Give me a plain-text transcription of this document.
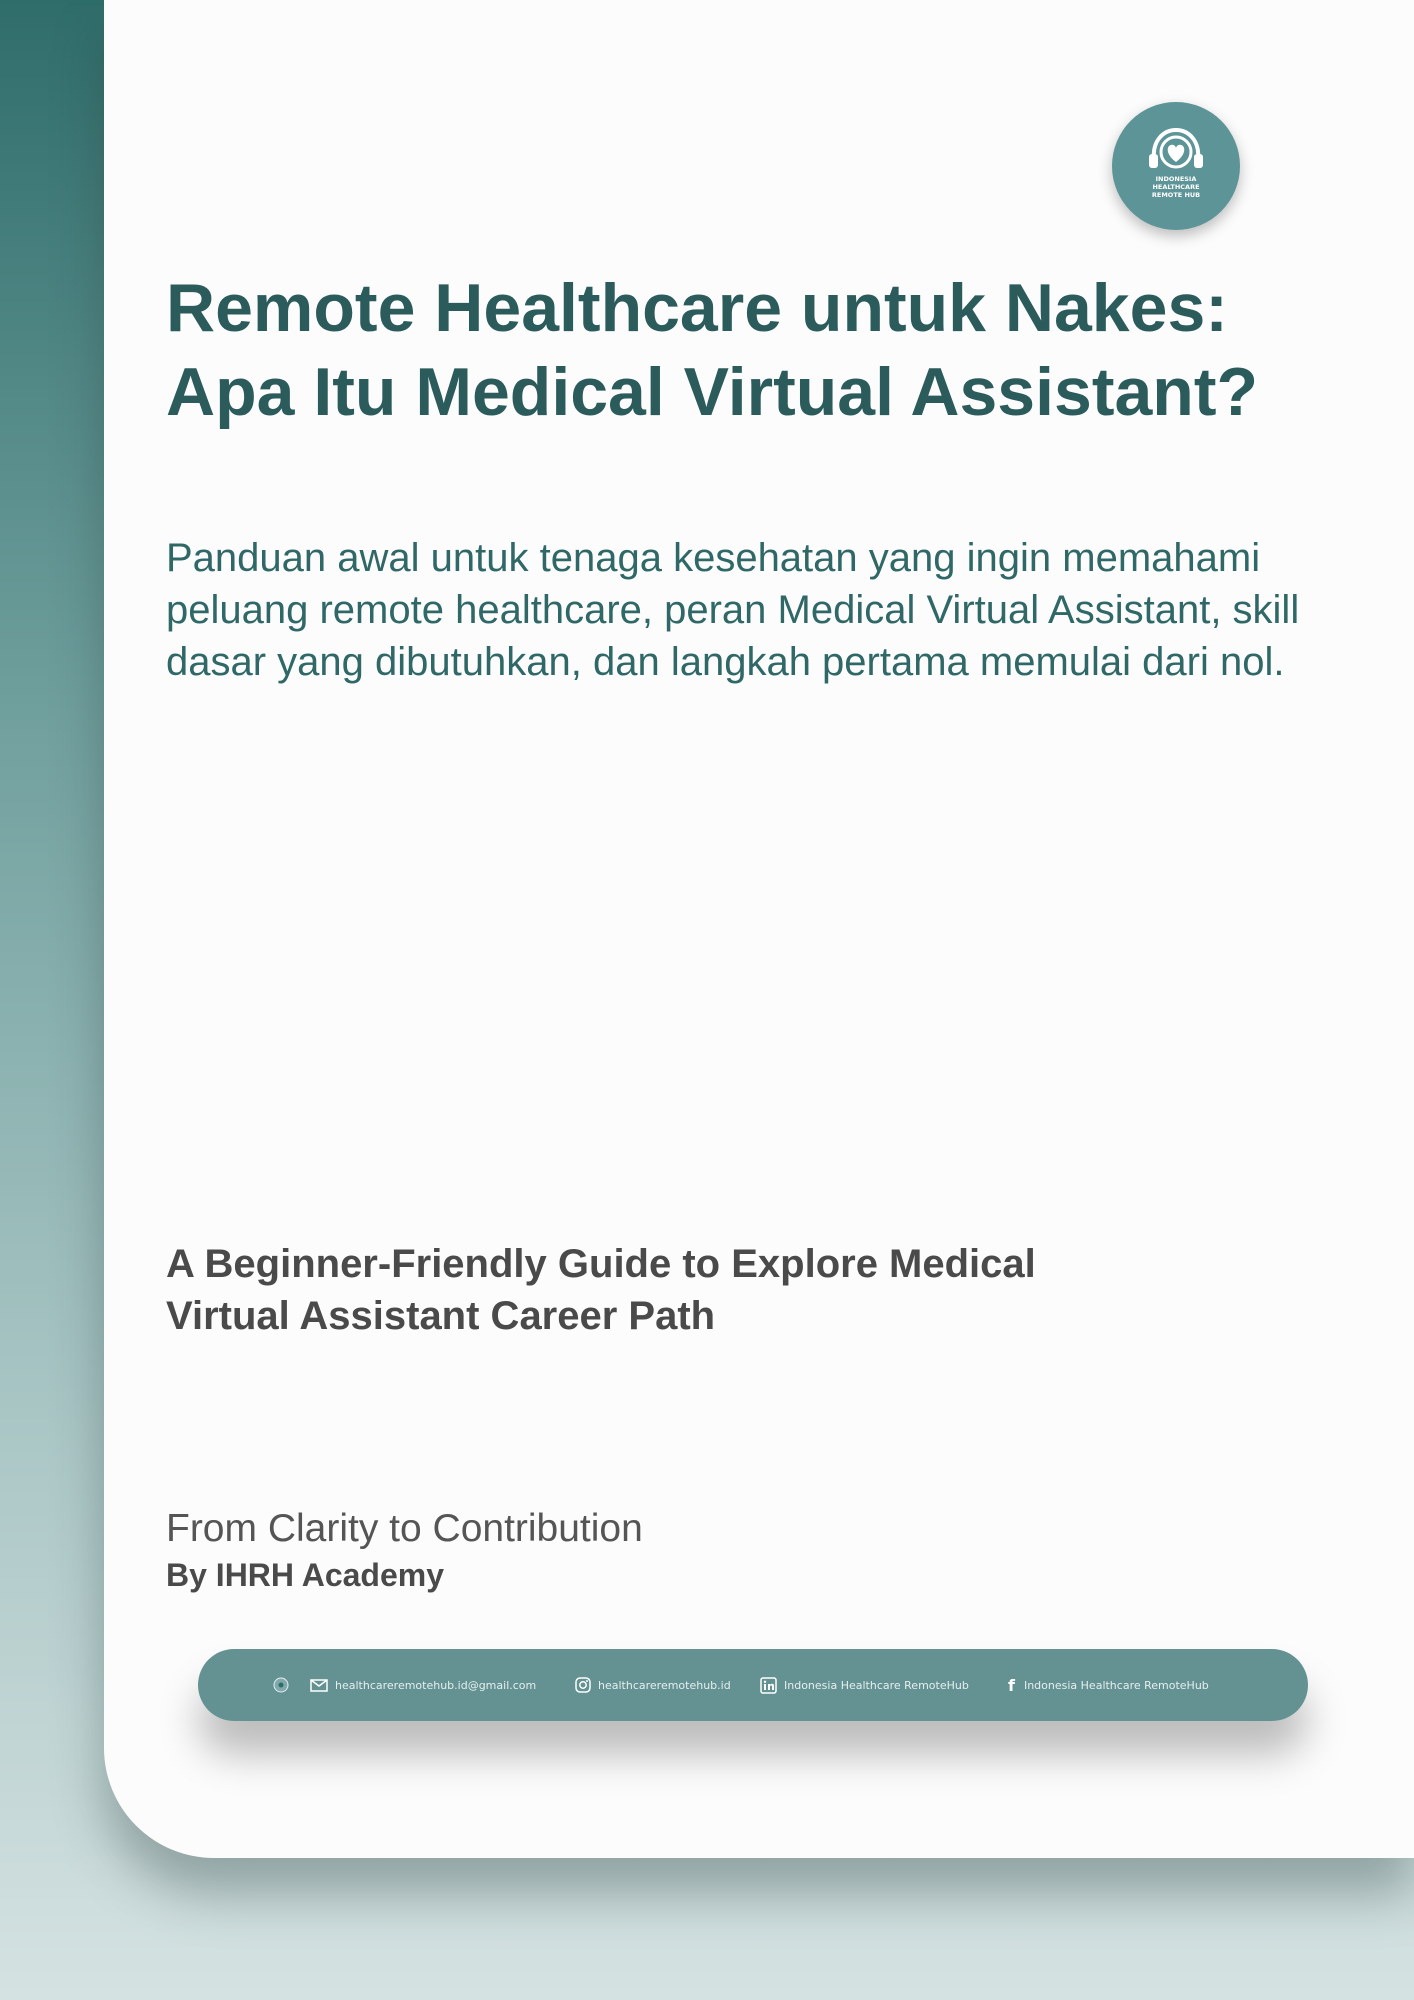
INDONESIA
HEALTHCARE
REMOTE HUB
Remote Healthcare untuk Nakes: Apa Itu Medical Virtual Assistant?

Panduan awal untuk tenaga kesehatan yang ingin memahami peluang remote healthcare, peran Medical Virtual Assistant, skill dasar yang dibutuhkan, dan langkah pertama memulai dari nol.

A Beginner-Friendly Guide to Explore Medical Virtual Assistant Career Path

From Clarity to Contribution

By IHRH Academy

healthcareremotehub.id@gmail.com	healthcareremotehub.id	Indonesia Healthcare RemoteHub f Indonesia Healthcare RemoteHub
